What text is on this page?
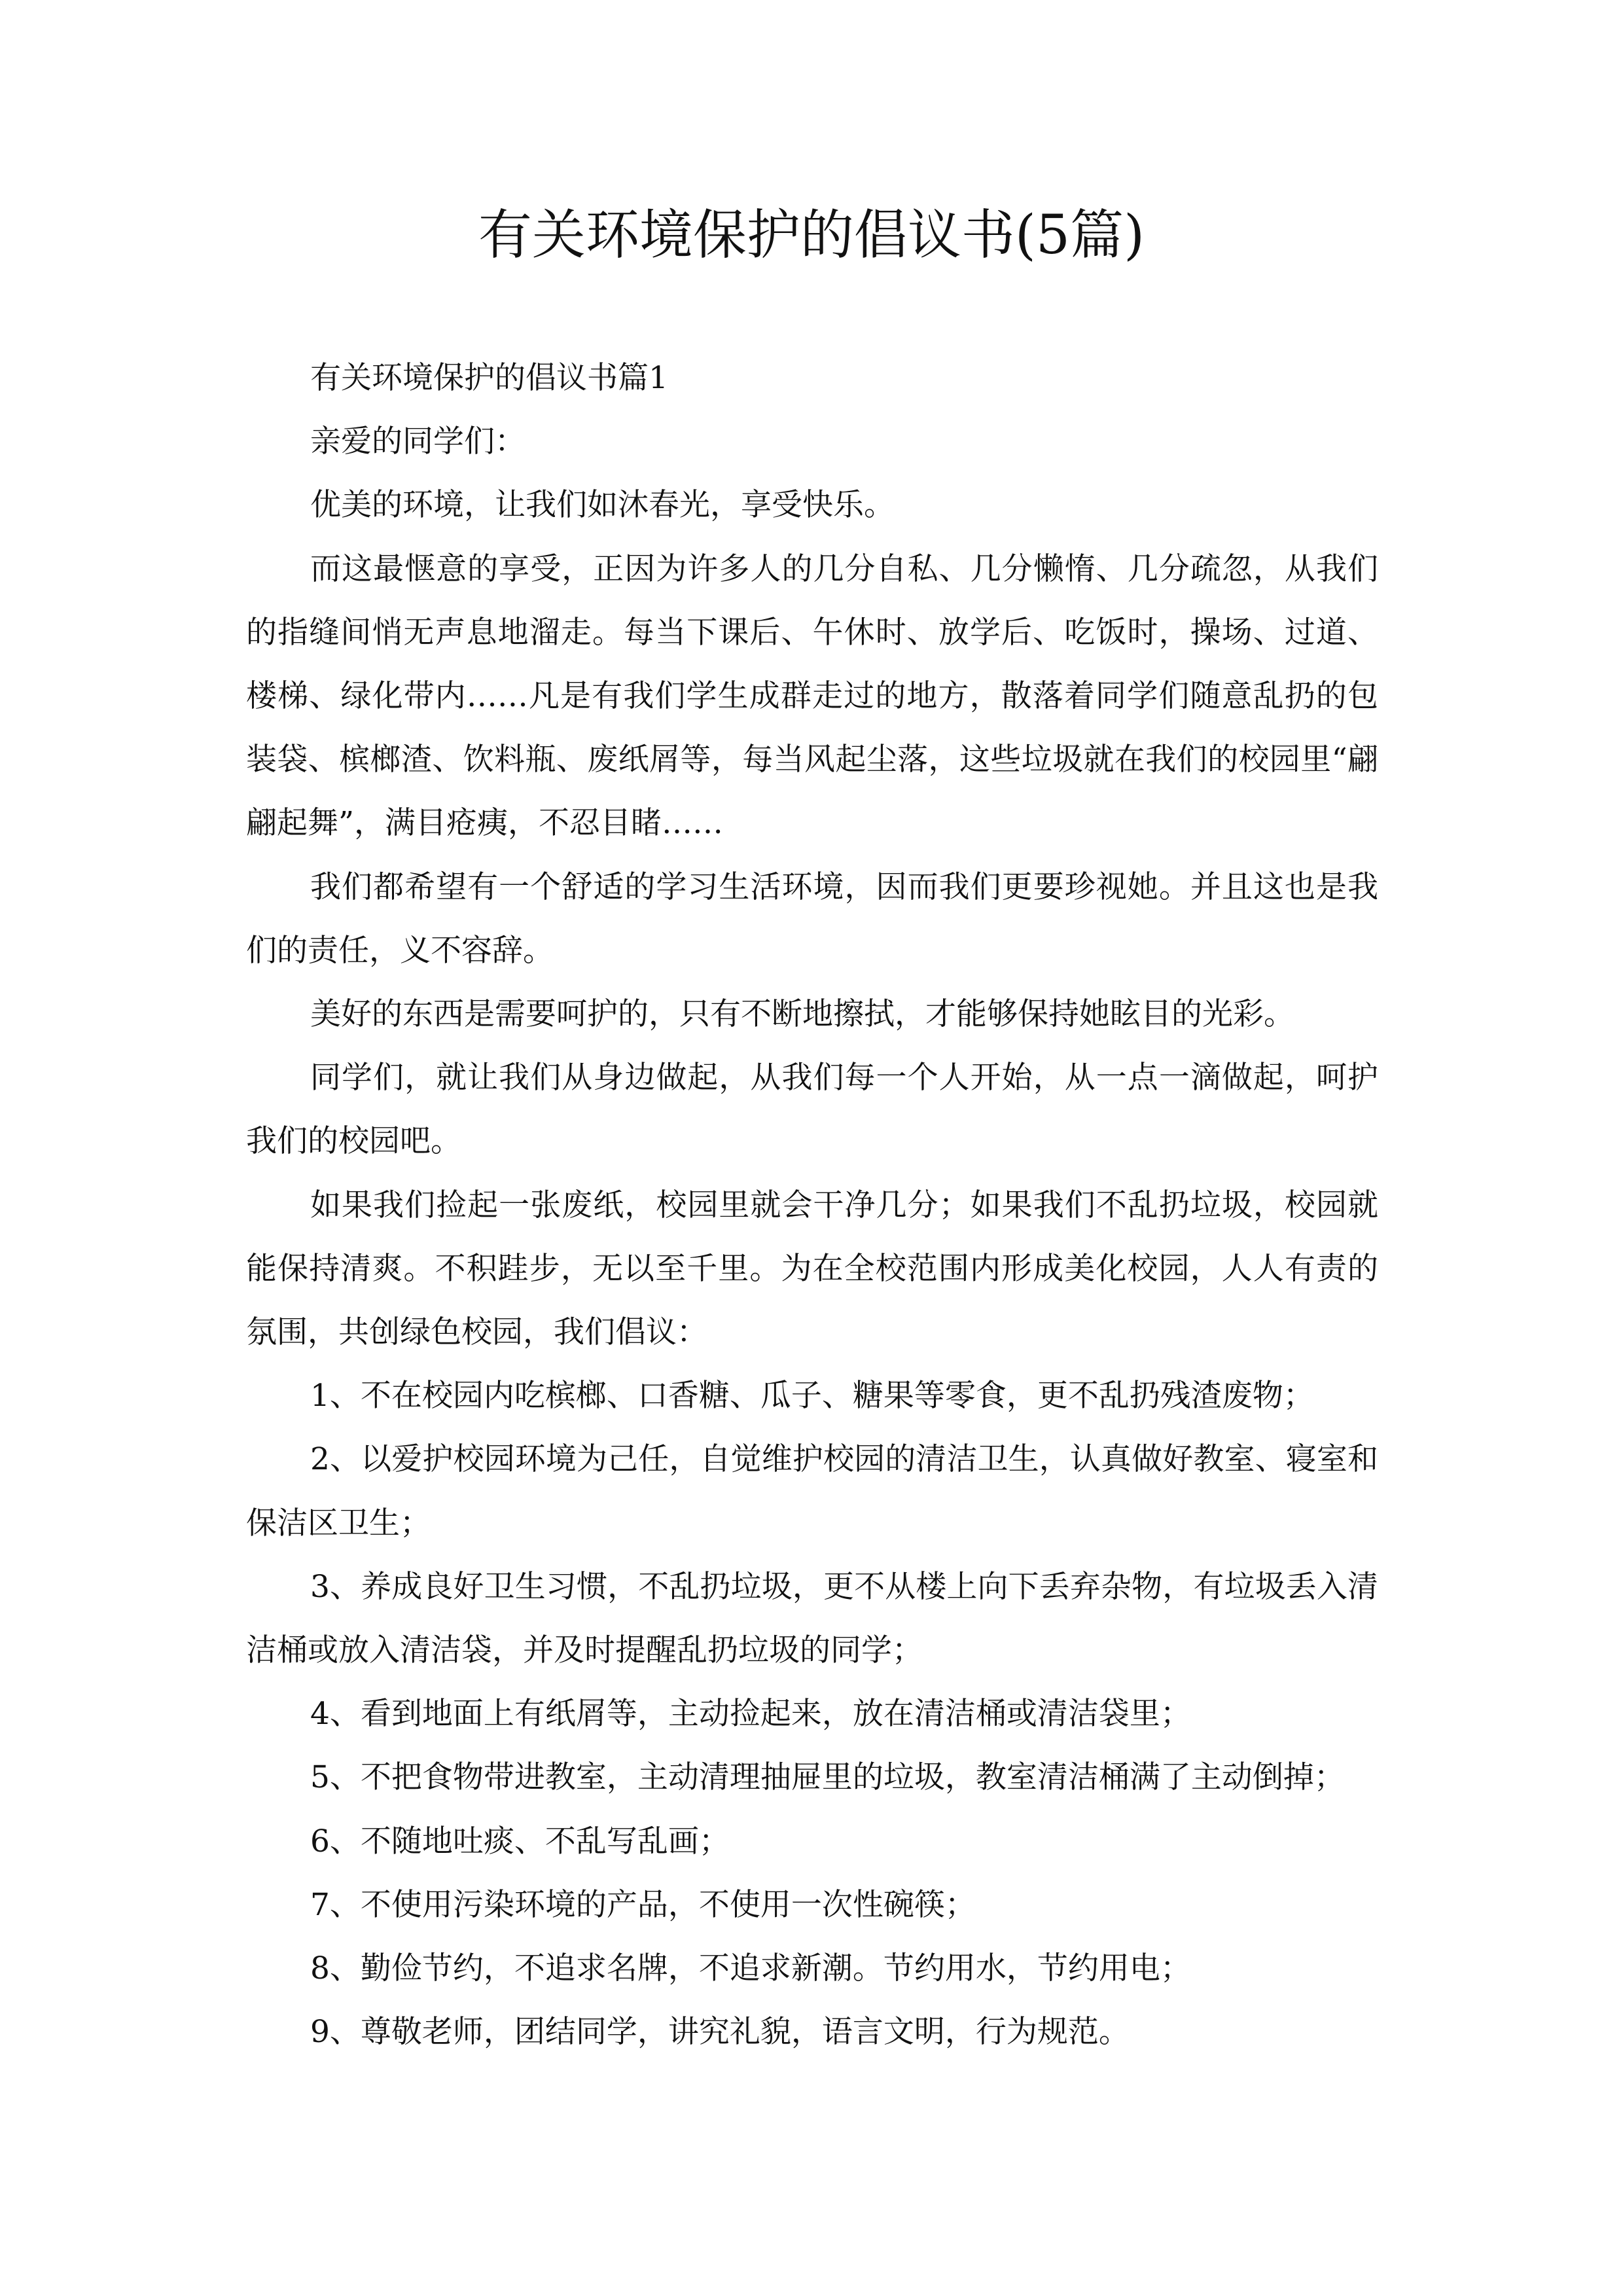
有关环境保护的倡议书(5篇)

有关环境保护的倡议书篇1

亲爱的同学们：

优美的环境，让我们如沐春光，享受快乐。

而这最惬意的享受，正因为许多人的几分自私、几分懒惰、几分疏忽，从我们的指缝间悄无声息地溜走。每当下课后、午休时、放学后、吃饭时，操场、过道、楼梯、绿化带内……凡是有我们学生成群走过的地方，散落着同学们随意乱扔的包装袋、槟榔渣、饮料瓶、废纸屑等，每当风起尘落，这些垃圾就在我们的校园里“翩翩起舞”，满目疮痍，不忍目睹……

我们都希望有一个舒适的学习生活环境，因而我们更要珍视她。并且这也是我们的责任，义不容辞。

美好的东西是需要呵护的，只有不断地擦拭，才能够保持她眩目的光彩。

同学们，就让我们从身边做起，从我们每一个人开始，从一点一滴做起，呵护我们的校园吧。

如果我们捡起一张废纸，校园里就会干净几分；如果我们不乱扔垃圾，校园就能保持清爽。不积跬步，无以至千里。为在全校范围内形成美化校园，人人有责的氛围，共创绿色校园，我们倡议：

1、不在校园内吃槟榔、口香糖、瓜子、糖果等零食，更不乱扔残渣废物；

2、以爱护校园环境为己任，自觉维护校园的清洁卫生，认真做好教室、寝室和保洁区卫生；

3、养成良好卫生习惯，不乱扔垃圾，更不从楼上向下丢弃杂物，有垃圾丢入清洁桶或放入清洁袋，并及时提醒乱扔垃圾的同学；

4、看到地面上有纸屑等，主动捡起来，放在清洁桶或清洁袋里；

5、不把食物带进教室，主动清理抽屉里的垃圾，教室清洁桶满了主动倒掉；

6、不随地吐痰、不乱写乱画；

7、不使用污染环境的产品，不使用一次性碗筷；

8、勤俭节约，不追求名牌，不追求新潮。节约用水，节约用电；

9、尊敬老师，团结同学，讲究礼貌，语言文明，行为规范。
